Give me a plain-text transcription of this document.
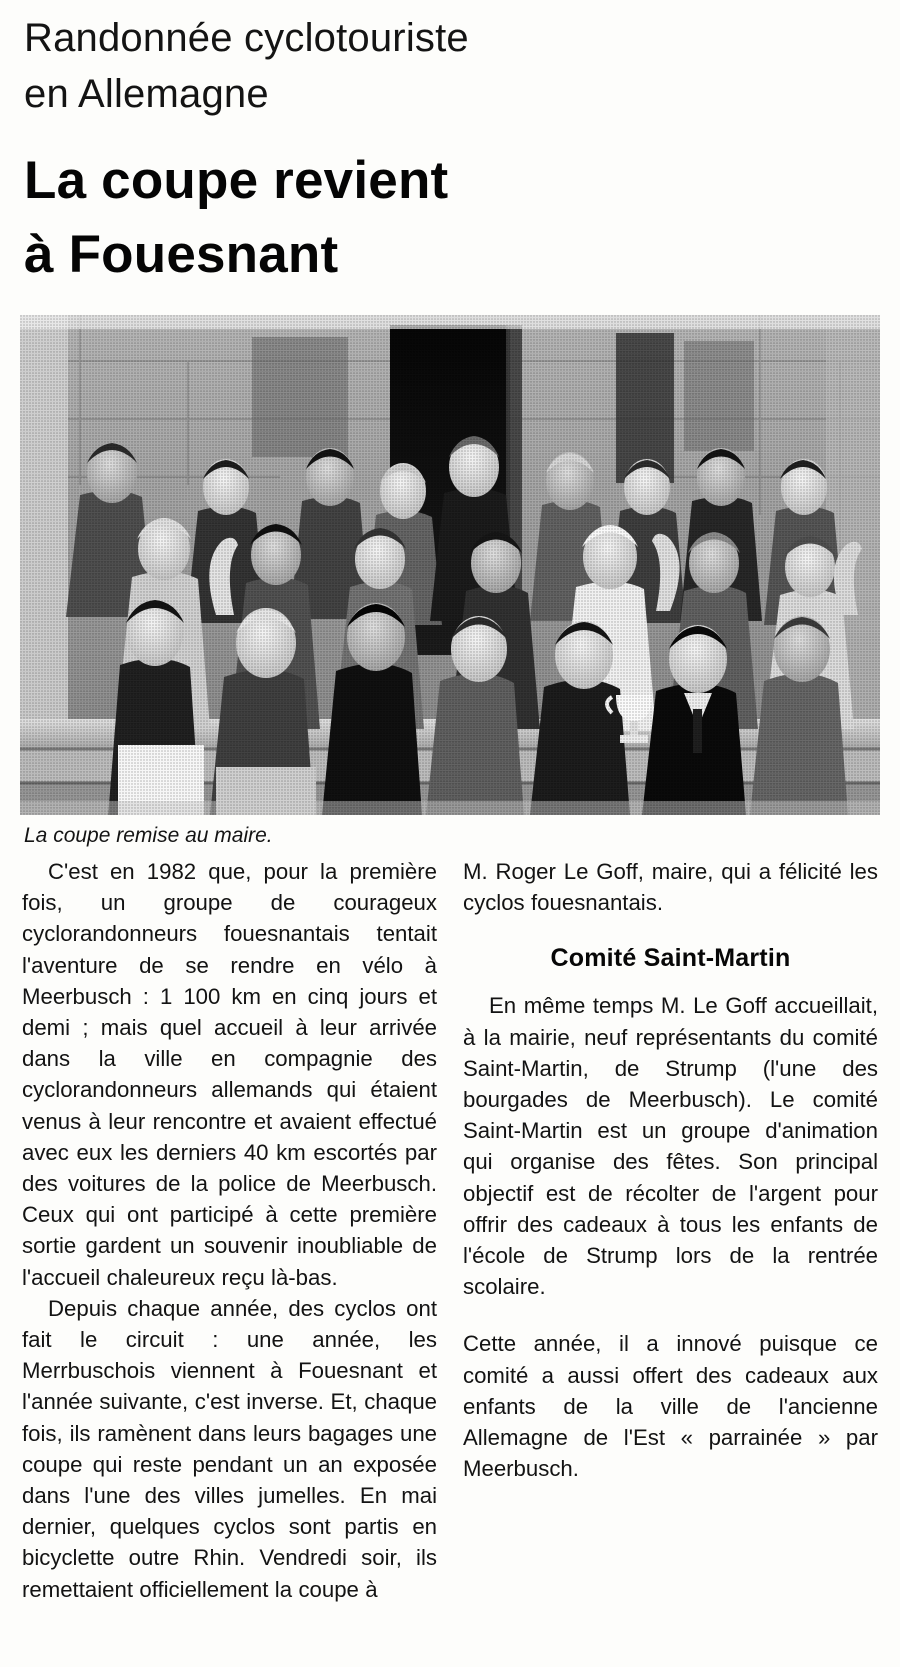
Randonnée cyclotouriste
en Allemagne
La coupe revient
à Fouesnant
La coupe remise au maire.

C'est en 1982 que, pour la première fois, un groupe de courageux cyclorandonneurs fouesnantais tentait l'aventure de se rendre en vélo à Meerbusch : 1 100 km en cinq jours et demi ; mais quel accueil à leur arrivée dans la ville en compagnie des cyclorandonneurs allemands qui étaient venus à leur rencontre et avaient effectué avec eux les derniers 40 km escortés par des voitures de la police de Meerbusch. Ceux qui ont participé à cette première sortie gardent un souvenir inoubliable de l'accueil chaleureux reçu là-bas.

Depuis chaque année, des cyclos ont fait le circuit : une année, les Merrbuschois viennent à Fouesnant et l'année suivante, c'est inverse. Et, chaque fois, ils ramènent dans leurs bagages une coupe qui reste pendant un an exposée dans l'une des villes jumelles. En mai dernier, quelques cyclos sont partis en bicyclette outre Rhin. Vendredi soir, ils remettaient officiellement la coupe à

M. Roger Le Goff, maire, qui a félicité les cyclos fouesnantais.

Comité Saint-Martin

En même temps M. Le Goff accueillait, à la mairie, neuf représentants du comité Saint-Martin, de Strump (l'une des bourgades de Meerbusch). Le comité Saint-Martin est un groupe d'animation qui organise des fêtes. Son principal objectif est de récolter de l'argent pour offrir des cadeaux à tous les enfants de l'école de Strump lors de la rentrée scolaire.

Cette année, il a innové puisque ce comité a aussi offert des cadeaux aux enfants de la ville de l'ancienne Allemagne de l'Est « parrainée » par Meerbusch.
